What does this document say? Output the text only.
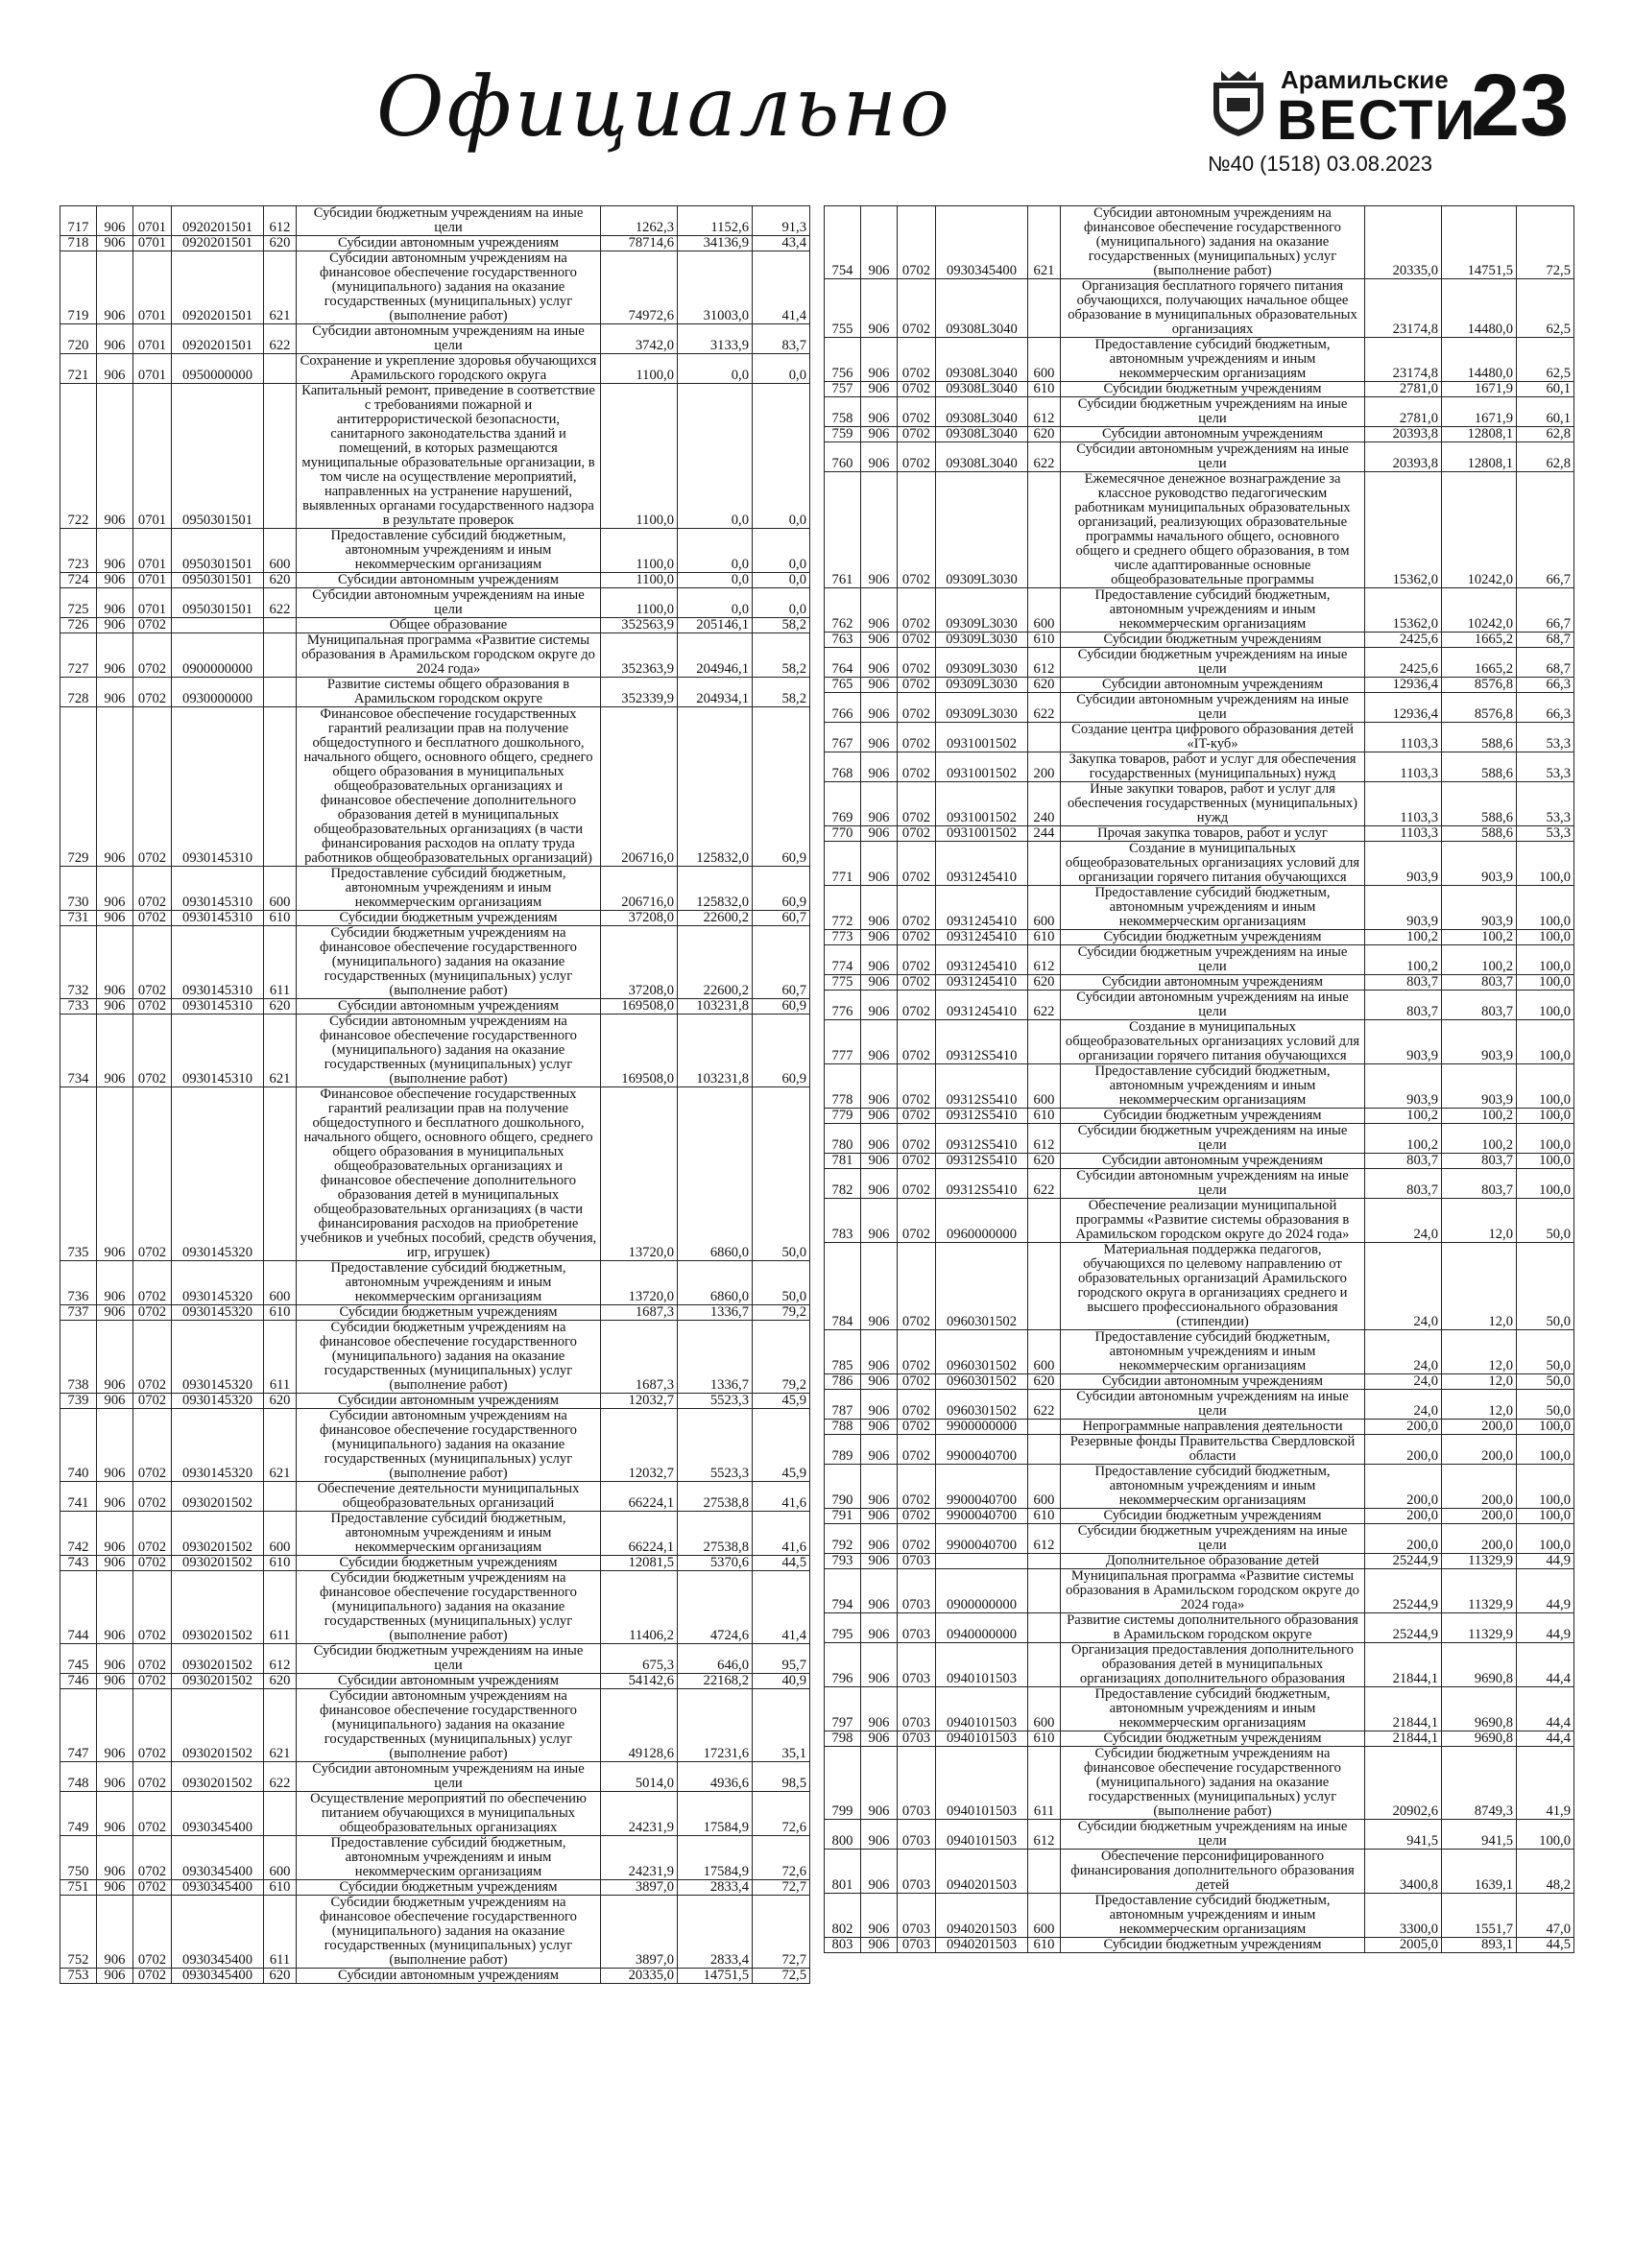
Официально	Арамильские
ВЕСТИ
№40 (1518) 03.08.2023
23
717	906	0701	0920201501	612	Субсидии бюджетным учреждениям на иные цели	1262,3	1152,6	91,3
718	906	0701	0920201501	620	Субсидии автономным учреждениям	78714,6	34136,9	43,4
719	906	0701	0920201501	621	Субсидии автономным учреждениям на финансовое обеспечение государственного (муниципального) задания на оказание государственных (муниципальных) услуг (выполнение работ)	74972,6	31003,0	41,4
720	906	0701	0920201501	622	Субсидии автономным учреждениям на иные цели	3742,0	3133,9	83,7
721	906	0701	0950000000		Сохранение и укрепление здоровья обучающихся Арамильского городского округа	1100,0	0,0	0,0
722	906	0701	0950301501		Капитальный ремонт, приведение в соответствие с требованиями пожарной и антитеррористической безопасности, санитарного законодательства зданий и помещений, в которых размещаются муниципальные образовательные организации, в том числе на осуществление мероприятий, направленных на устранение нарушений, выявленных органами государственного надзора в результате проверок	1100,0	0,0	0,0
723	906	0701	0950301501	600	Предоставление субсидий бюджетным, автономным учреждениям и иным некоммерческим организациям	1100,0	0,0	0,0
724	906	0701	0950301501	620	Субсидии автономным учреждениям	1100,0	0,0	0,0
725	906	0701	0950301501	622	Субсидии автономным учреждениям на иные цели	1100,0	0,0	0,0
726	906	0702			Общее образование	352563,9	205146,1	58,2
727	906	0702	0900000000		Муниципальная программа «Развитие системы образования в Арамильском городском округе до 2024 года»	352363,9	204946,1	58,2
728	906	0702	0930000000		Развитие системы общего образования в Арамильском городском округе	352339,9	204934,1	58,2
729	906	0702	0930145310		Финансовое обеспечение государственных гарантий реализации прав на получение общедоступного и бесплатного дошкольного, начального общего, основного общего, среднего общего образования в муниципальных общеобразовательных организациях и финансовое обеспечение дополнительного образования детей в муниципальных общеобразовательных организациях (в части финансирования расходов на оплату труда работников общеобразовательных организаций)	206716,0	125832,0	60,9
730	906	0702	0930145310	600	Предоставление субсидий бюджетным, автономным учреждениям и иным некоммерческим организациям	206716,0	125832,0	60,9
731	906	0702	0930145310	610	Субсидии бюджетным учреждениям	37208,0	22600,2	60,7
732	906	0702	0930145310	611	Субсидии бюджетным учреждениям на финансовое обеспечение государственного (муниципального) задания на оказание государственных (муниципальных) услуг (выполнение работ)	37208,0	22600,2	60,7
733	906	0702	0930145310	620	Субсидии автономным учреждениям	169508,0	103231,8	60,9
734	906	0702	0930145310	621	Субсидии автономным учреждениям на финансовое обеспечение государственного (муниципального) задания на оказание государственных (муниципальных) услуг (выполнение работ)	169508,0	103231,8	60,9
735	906	0702	0930145320		Финансовое обеспечение государственных гарантий реализации прав на получение общедоступного и бесплатного дошкольного, начального общего, основного общего, среднего общего образования в муниципальных общеобразовательных организациях и финансовое обеспечение дополнительного образования детей в муниципальных общеобразовательных организациях (в части финансирования расходов на приобретение учебников и учебных пособий, средств обучения, игр, игрушек)	13720,0	6860,0	50,0
736	906	0702	0930145320	600	Предоставление субсидий бюджетным, автономным учреждениям и иным некоммерческим организациям	13720,0	6860,0	50,0
737	906	0702	0930145320	610	Субсидии бюджетным учреждениям	1687,3	1336,7	79,2
738	906	0702	0930145320	611	Субсидии бюджетным учреждениям на финансовое обеспечение государственного (муниципального) задания на оказание государственных (муниципальных) услуг (выполнение работ)	1687,3	1336,7	79,2
739	906	0702	0930145320	620	Субсидии автономным учреждениям	12032,7	5523,3	45,9
740	906	0702	0930145320	621	Субсидии автономным учреждениям на финансовое обеспечение государственного (муниципального) задания на оказание государственных (муниципальных) услуг (выполнение работ)	12032,7	5523,3	45,9
741	906	0702	0930201502		Обеспечение деятельности муниципальных общеобразовательных организаций	66224,1	27538,8	41,6
742	906	0702	0930201502	600	Предоставление субсидий бюджетным, автономным учреждениям и иным некоммерческим организациям	66224,1	27538,8	41,6
743	906	0702	0930201502	610	Субсидии бюджетным учреждениям	12081,5	5370,6	44,5
744	906	0702	0930201502	611	Субсидии бюджетным учреждениям на финансовое обеспечение государственного (муниципального) задания на оказание государственных (муниципальных) услуг (выполнение работ)	11406,2	4724,6	41,4
745	906	0702	0930201502	612	Субсидии бюджетным учреждениям на иные цели	675,3	646,0	95,7
746	906	0702	0930201502	620	Субсидии автономным учреждениям	54142,6	22168,2	40,9
747	906	0702	0930201502	621	Субсидии автономным учреждениям на финансовое обеспечение государственного (муниципального) задания на оказание государственных (муниципальных) услуг (выполнение работ)	49128,6	17231,6	35,1
748	906	0702	0930201502	622	Субсидии автономным учреждениям на иные цели	5014,0	4936,6	98,5
749	906	0702	0930345400		Осуществление мероприятий по обеспечению питанием обучающихся в муниципальных общеобразовательных организациях	24231,9	17584,9	72,6
750	906	0702	0930345400	600	Предоставление субсидий бюджетным, автономным учреждениям и иным некоммерческим организациям	24231,9	17584,9	72,6
751	906	0702	0930345400	610	Субсидии бюджетным учреждениям	3897,0	2833,4	72,7
752	906	0702	0930345400	611	Субсидии бюджетным учреждениям на финансовое обеспечение государственного (муниципального) задания на оказание государственных (муниципальных) услуг (выполнение работ)	3897,0	2833,4	72,7
753	906	0702	0930345400	620	Субсидии автономным учреждениям	20335,0	14751,5	72,5
754	906	0702	0930345400	621	Субсидии автономным учреждениям на финансовое обеспечение государственного (муниципального) задания на оказание государственных (муниципальных) услуг (выполнение работ)	20335,0	14751,5	72,5
755	906	0702	09308L3040		Организация бесплатного горячего питания обучающихся, получающих начальное общее образование в муниципальных образовательных организациях	23174,8	14480,0	62,5
756	906	0702	09308L3040	600	Предоставление субсидий бюджетным, автономным учреждениям и иным некоммерческим организациям	23174,8	14480,0	62,5
757	906	0702	09308L3040	610	Субсидии бюджетным учреждениям	2781,0	1671,9	60,1
758	906	0702	09308L3040	612	Субсидии бюджетным учреждениям на иные цели	2781,0	1671,9	60,1
759	906	0702	09308L3040	620	Субсидии автономным учреждениям	20393,8	12808,1	62,8
760	906	0702	09308L3040	622	Субсидии автономным учреждениям на иные цели	20393,8	12808,1	62,8
761	906	0702	09309L3030		Ежемесячное денежное вознаграждение за классное руководство педагогическим работникам муниципальных образовательных организаций, реализующих образовательные программы начального общего, основного общего и среднего общего образования, в том числе адаптированные основные общеобразовательные программы	15362,0	10242,0	66,7
762	906	0702	09309L3030	600	Предоставление субсидий бюджетным, автономным учреждениям и иным некоммерческим организациям	15362,0	10242,0	66,7
763	906	0702	09309L3030	610	Субсидии бюджетным учреждениям	2425,6	1665,2	68,7
764	906	0702	09309L3030	612	Субсидии бюджетным учреждениям на иные цели	2425,6	1665,2	68,7
765	906	0702	09309L3030	620	Субсидии автономным учреждениям	12936,4	8576,8	66,3
766	906	0702	09309L3030	622	Субсидии автономным учреждениям на иные цели	12936,4	8576,8	66,3
767	906	0702	0931001502		Создание центра цифрового образования детей «IT-куб»	1103,3	588,6	53,3
768	906	0702	0931001502	200	Закупка товаров, работ и услуг для обеспечения государственных (муниципальных) нужд	1103,3	588,6	53,3
769	906	0702	0931001502	240	Иные закупки товаров, работ и услуг для обеспечения государственных (муниципальных) нужд	1103,3	588,6	53,3
770	906	0702	0931001502	244	Прочая закупка товаров, работ и услуг	1103,3	588,6	53,3
771	906	0702	0931245410		Создание в муниципальных общеобразовательных организациях условий для организации горячего питания обучающихся	903,9	903,9	100,0
772	906	0702	0931245410	600	Предоставление субсидий бюджетным, автономным учреждениям и иным некоммерческим организациям	903,9	903,9	100,0
773	906	0702	0931245410	610	Субсидии бюджетным учреждениям	100,2	100,2	100,0
774	906	0702	0931245410	612	Субсидии бюджетным учреждениям на иные цели	100,2	100,2	100,0
775	906	0702	0931245410	620	Субсидии автономным учреждениям	803,7	803,7	100,0
776	906	0702	0931245410	622	Субсидии автономным учреждениям на иные цели	803,7	803,7	100,0
777	906	0702	09312S5410		Создание в муниципальных общеобразовательных организациях условий для организации горячего питания обучающихся	903,9	903,9	100,0
778	906	0702	09312S5410	600	Предоставление субсидий бюджетным, автономным учреждениям и иным некоммерческим организациям	903,9	903,9	100,0
779	906	0702	09312S5410	610	Субсидии бюджетным учреждениям	100,2	100,2	100,0
780	906	0702	09312S5410	612	Субсидии бюджетным учреждениям на иные цели	100,2	100,2	100,0
781	906	0702	09312S5410	620	Субсидии автономным учреждениям	803,7	803,7	100,0
782	906	0702	09312S5410	622	Субсидии автономным учреждениям на иные цели	803,7	803,7	100,0
783	906	0702	0960000000		Обеспечение реализации муниципальной программы «Развитие системы образования в Арамильском городском округе до 2024 года»	24,0	12,0	50,0
784	906	0702	0960301502		Материальная поддержка педагогов, обучающихся по целевому направлению от образовательных организаций Арамильского городского округа в организациях среднего и высшего профессионального образования (стипендии)	24,0	12,0	50,0
785	906	0702	0960301502	600	Предоставление субсидий бюджетным, автономным учреждениям и иным некоммерческим организациям	24,0	12,0	50,0
786	906	0702	0960301502	620	Субсидии автономным учреждениям	24,0	12,0	50,0
787	906	0702	0960301502	622	Субсидии автономным учреждениям на иные цели	24,0	12,0	50,0
788	906	0702	9900000000		Непрограммные направления деятельности	200,0	200,0	100,0
789	906	0702	9900040700		Резервные фонды Правительства Свердловской области	200,0	200,0	100,0
790	906	0702	9900040700	600	Предоставление субсидий бюджетным, автономным учреждениям и иным некоммерческим организациям	200,0	200,0	100,0
791	906	0702	9900040700	610	Субсидии бюджетным учреждениям	200,0	200,0	100,0
792	906	0702	9900040700	612	Субсидии бюджетным учреждениям на иные цели	200,0	200,0	100,0
793	906	0703			Дополнительное образование детей	25244,9	11329,9	44,9
794	906	0703	0900000000		Муниципальная программа «Развитие системы образования в Арамильском городском округе до 2024 года»	25244,9	11329,9	44,9
795	906	0703	0940000000		Развитие системы дополнительного образования в Арамильском городском округе	25244,9	11329,9	44,9
796	906	0703	0940101503		Организация предоставления дополнительного образования детей в муниципальных организациях дополнительного образования	21844,1	9690,8	44,4
797	906	0703	0940101503	600	Предоставление субсидий бюджетным, автономным учреждениям и иным некоммерческим организациям	21844,1	9690,8	44,4
798	906	0703	0940101503	610	Субсидии бюджетным учреждениям	21844,1	9690,8	44,4
799	906	0703	0940101503	611	Субсидии бюджетным учреждениям на финансовое обеспечение государственного (муниципального) задания на оказание государственных (муниципальных) услуг (выполнение работ)	20902,6	8749,3	41,9
800	906	0703	0940101503	612	Субсидии бюджетным учреждениям на иные цели	941,5	941,5	100,0
801	906	0703	0940201503		Обеспечение персонифицированного финансирования дополнительного образования детей	3400,8	1639,1	48,2
802	906	0703	0940201503	600	Предоставление субсидий бюджетным, автономным учреждениям и иным некоммерческим организациям	3300,0	1551,7	47,0
803	906	0703	0940201503	610	Субсидии бюджетным учреждениям	2005,0	893,1	44,5
